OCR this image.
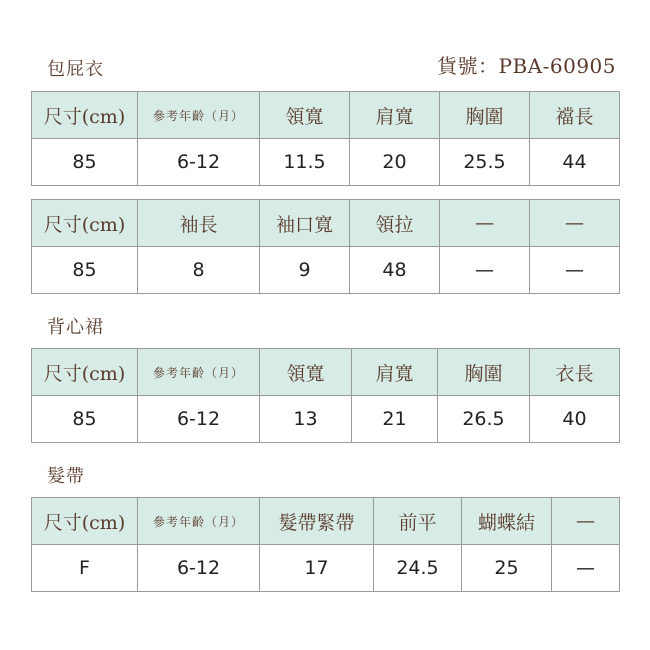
包屁衣	貨號：PBA-60905
尺寸(cm)	參考年齡（月）	領寬	肩寬	胸圍	襠長
85	6-12	11.5	20	25.5	44
尺寸(cm)	袖長	袖口寬	領拉	—	—
85	8	9	48	—	—
背心裙
尺寸(cm)	參考年齡（月）	領寬	肩寬	胸圍	衣長
85	6-12	13	21	26.5	40
髮帶
尺寸(cm)	參考年齡（月）	髮帶緊帶	前平	蝴蝶結	—
F	6-12	17	24.5	25	—
